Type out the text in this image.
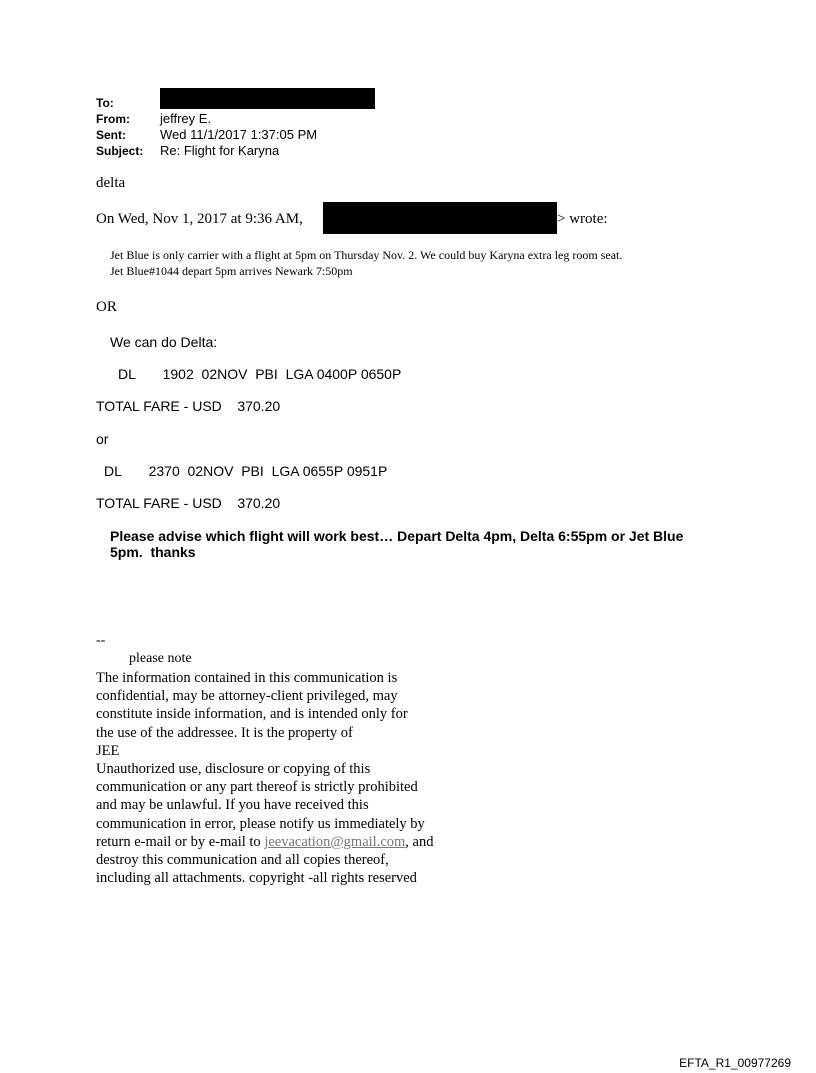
To:
From: jeffrey E.
Sent:	Wed 11/1/2017 1:37:05 PM
Subject: Re: Flight for Karyna
delta
On Wed, Nov 1, 2017 at 9:36 AM,	> wrote:
Jet Blue is only carrier with a flight at 5pm on Thursday Nov. 2. We could buy Karyna extra leg room seat.
Jet Blue#1044 depart 5pm arrives Newark 7:50pm
OR
We can do Delta:
DL       1902  02NOV  PBI  LGA 0400P 0650P
TOTAL FARE - USD    370.20
or
DL       2370  02NOV  PBI  LGA 0655P 0951P
TOTAL FARE - USD    370.20
Please advise which flight will work best… Depart Delta 4pm, Delta 6:55pm or Jet Blue
5pm.  thanks
--
please note
The information contained in this communication is
confidential, may be attorney-client privileged, may
constitute inside information, and is intended only for
the use of the addressee. It is the property of
JEE
Unauthorized use, disclosure or copying of this
communication or any part thereof is strictly prohibited
and may be unlawful. If you have received this
communication in error, please notify us immediately by
return e-mail or by e-mail to jeevacation@gmail.com, and
destroy this communication and all copies thereof,
including all attachments. copyright -all rights reserved
EFTA_R1_00977269
